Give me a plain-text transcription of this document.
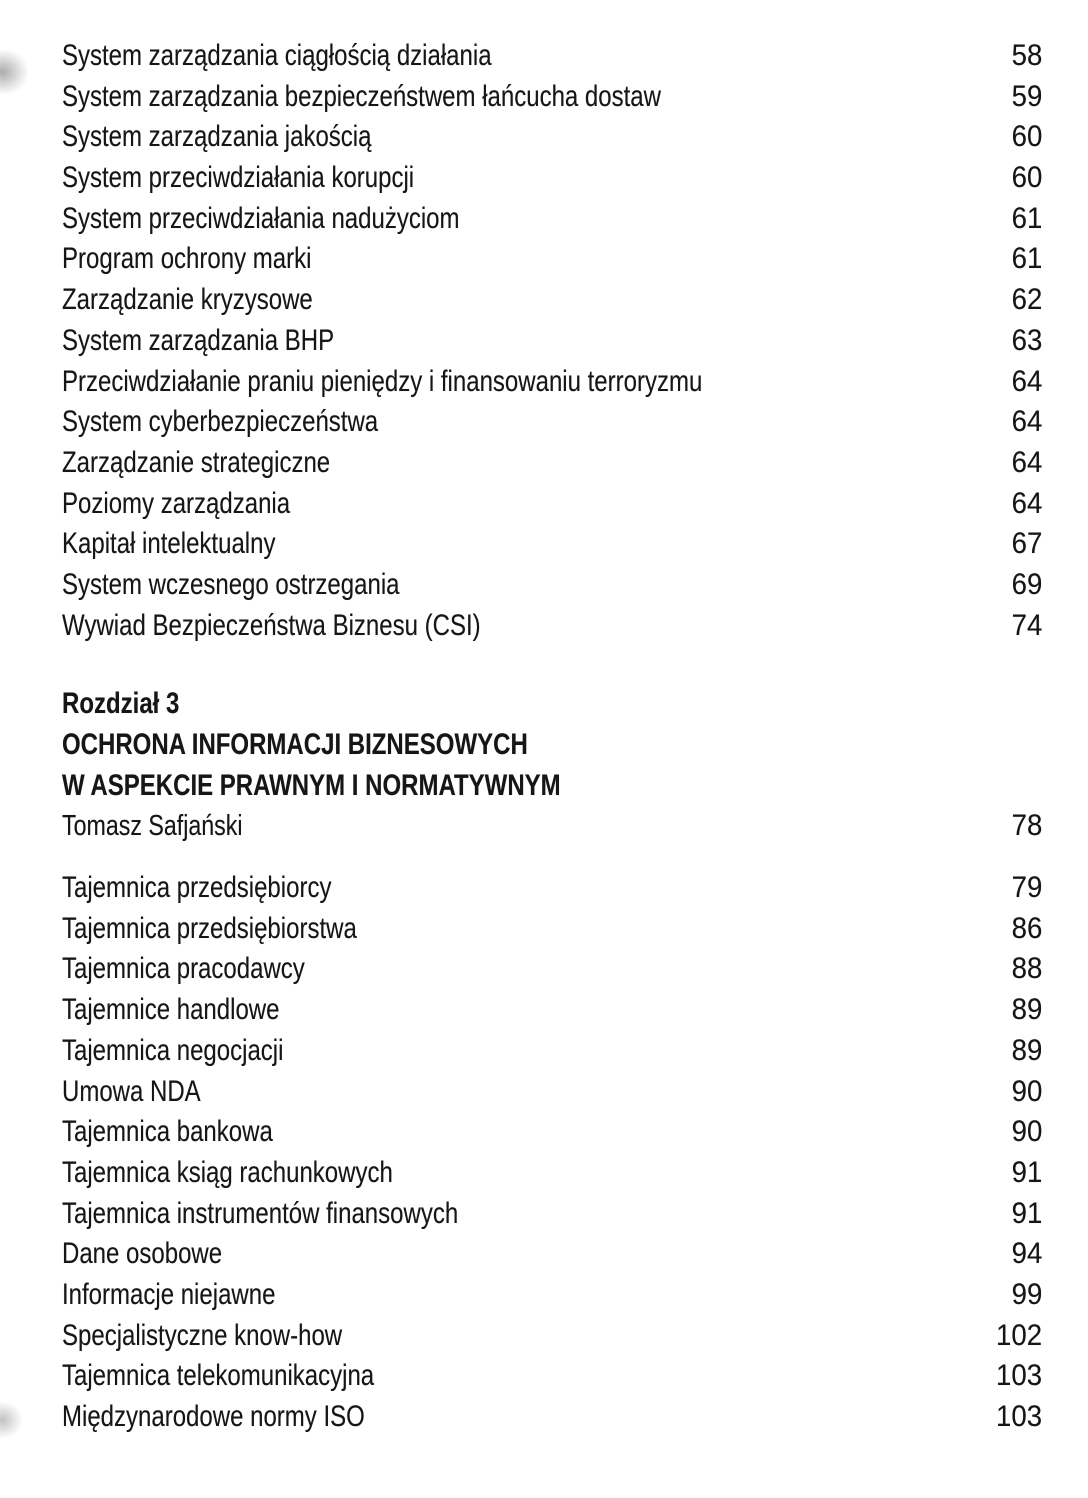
System zarządzania ciągłością działania	58
System zarządzania bezpieczeństwem łańcucha dostaw	59
System zarządzania jakością	60
System przeciwdziałania korupcji	60
System przeciwdziałania nadużyciom	61
Program ochrony marki	61
Zarządzanie kryzysowe	62
System zarządzania BHP	63
Przeciwdziałanie praniu pieniędzy i finansowaniu terroryzmu	64
System cyberbezpieczeństwa	64
Zarządzanie strategiczne	64
Poziomy zarządzania	64
Kapitał intelektualny	67
System wczesnego ostrzegania	69
Wywiad Bezpieczeństwa Biznesu (CSI)	74
Rozdział 3
OCHRONA INFORMACJI BIZNESOWYCH
W ASPEKCIE PRAWNYM I NORMATYWNYM
Tomasz Safjański	78
Tajemnica przedsiębiorcy	79
Tajemnica przedsiębiorstwa	86
Tajemnica pracodawcy	88
Tajemnice handlowe	89
Tajemnica negocjacji	89
Umowa NDA	90
Tajemnica bankowa	90
Tajemnica ksiąg rachunkowych	91
Tajemnica instrumentów finansowych	91
Dane osobowe	94
Informacje niejawne	99
Specjalistyczne know-how	102
Tajemnica telekomunikacyjna	103
Międzynarodowe normy ISO	103
